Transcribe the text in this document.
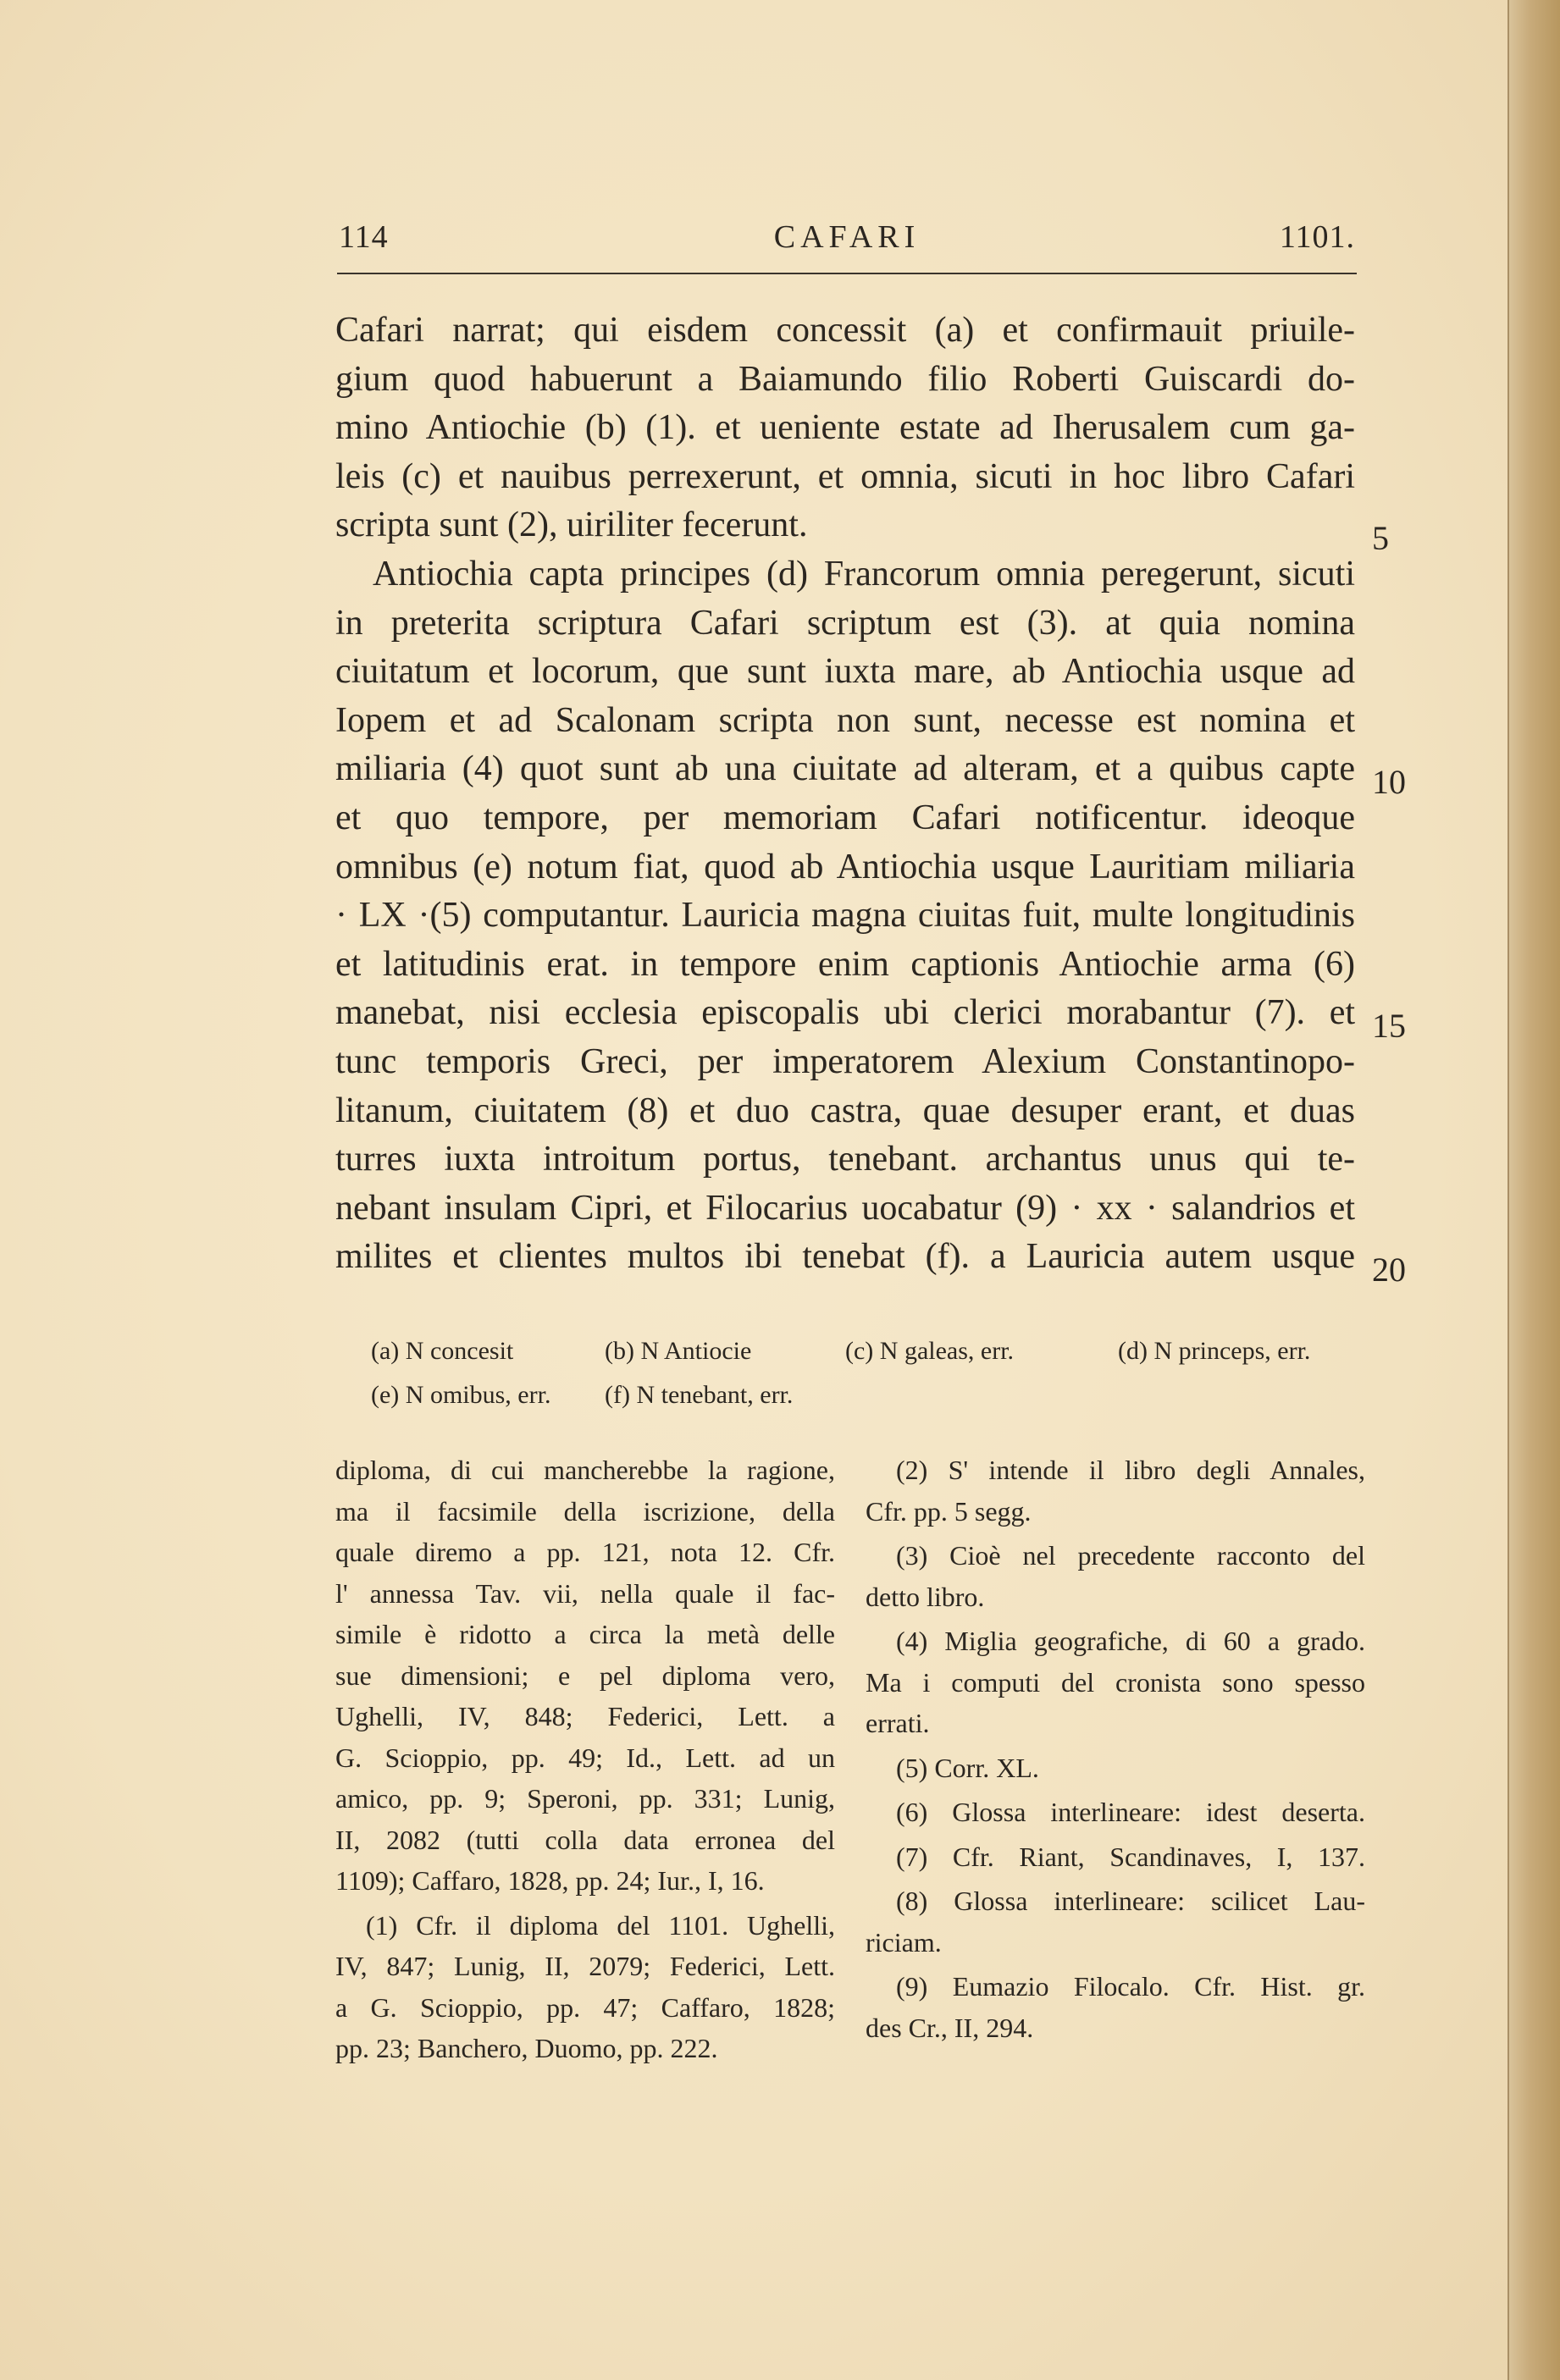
114	CAFARI	1101.
Cafari narrat; qui eisdem concessit (a) et confirmauit priuile-
gium quod habuerunt a Baiamundo filio Roberti Guiscardi do-
mino Antiochie (b) (1). et ueniente estate ad Iherusalem cum ga-
leis (c) et nauibus perrexerunt, et omnia, sicuti in hoc libro Cafari
scripta sunt (2), uiriliter fecerunt.
Antiochia capta principes (d) Francorum omnia peregerunt, sicuti
in preterita scriptura Cafari scriptum est (3). at quia nomina
ciuitatum et locorum, que sunt iuxta mare, ab Antiochia usque ad
Iopem et ad Scalonam scripta non sunt, necesse est nomina et
miliaria (4) quot sunt ab una ciuitate ad alteram, et a quibus capte
et quo tempore, per memoriam Cafari notificentur. ideoque
omnibus (e) notum fiat, quod ab Antiochia usque Lauritiam miliaria
· LX ·(5) computantur. Lauricia magna ciuitas fuit, multe longitudinis
et latitudinis erat. in tempore enim captionis Antiochie arma (6)
manebat, nisi ecclesia episcopalis ubi clerici morabantur (7). et
tunc temporis Greci, per imperatorem Alexium Constantinopo-
litanum, ciuitatem (8) et duo castra, quae desuper erant, et duas
turres iuxta introitum portus, tenebant. archantus unus qui te-
nebant insulam Cipri, et Filocarius uocabatur (9) · xx · salandrios et
milites et clientes multos ibi tenebat (f). a Lauricia autem usque
5
10
15
20
(a) N concesit	(b) N Antiocie	(c) N galeas, err.	(d) N princeps, err.
(e) N omibus, err. (f) N tenebant, err.
diploma, di cui mancherebbe la ragione,
ma il facsimile della iscrizione, della
quale diremo a pp. 121, nota 12. Cfr.
l' annessa Tav. vii, nella quale il fac-
simile è ridotto a circa la metà delle
sue dimensioni; e pel diploma vero,
Ughelli, IV, 848; Federici, Lett. a
G. Scioppio, pp. 49; Id., Lett. ad un
amico, pp. 9; Speroni, pp. 331; Lunig,
II, 2082 (tutti colla data erronea del
1109); Caffaro, 1828, pp. 24; Iur., I, 16.
(1) Cfr. il diploma del 1101. Ughelli,
IV, 847; Lunig, II, 2079; Federici, Lett.
a G. Scioppio, pp. 47; Caffaro, 1828;
pp. 23; Banchero, Duomo, pp. 222.
(2) S' intende il libro degli Annales,
Cfr. pp. 5 segg.
(3) Cioè nel precedente racconto del
detto libro.
(4) Miglia geografiche, di 60 a grado.
Ma i computi del cronista sono spesso
errati.
(5) Corr. XL.
(6) Glossa interlineare: idest deserta.
(7) Cfr. Riant, Scandinaves, I, 137.
(8) Glossa interlineare: scilicet Lau-
riciam.
(9) Eumazio Filocalo. Cfr. Hist. gr.
des Cr., II, 294.
